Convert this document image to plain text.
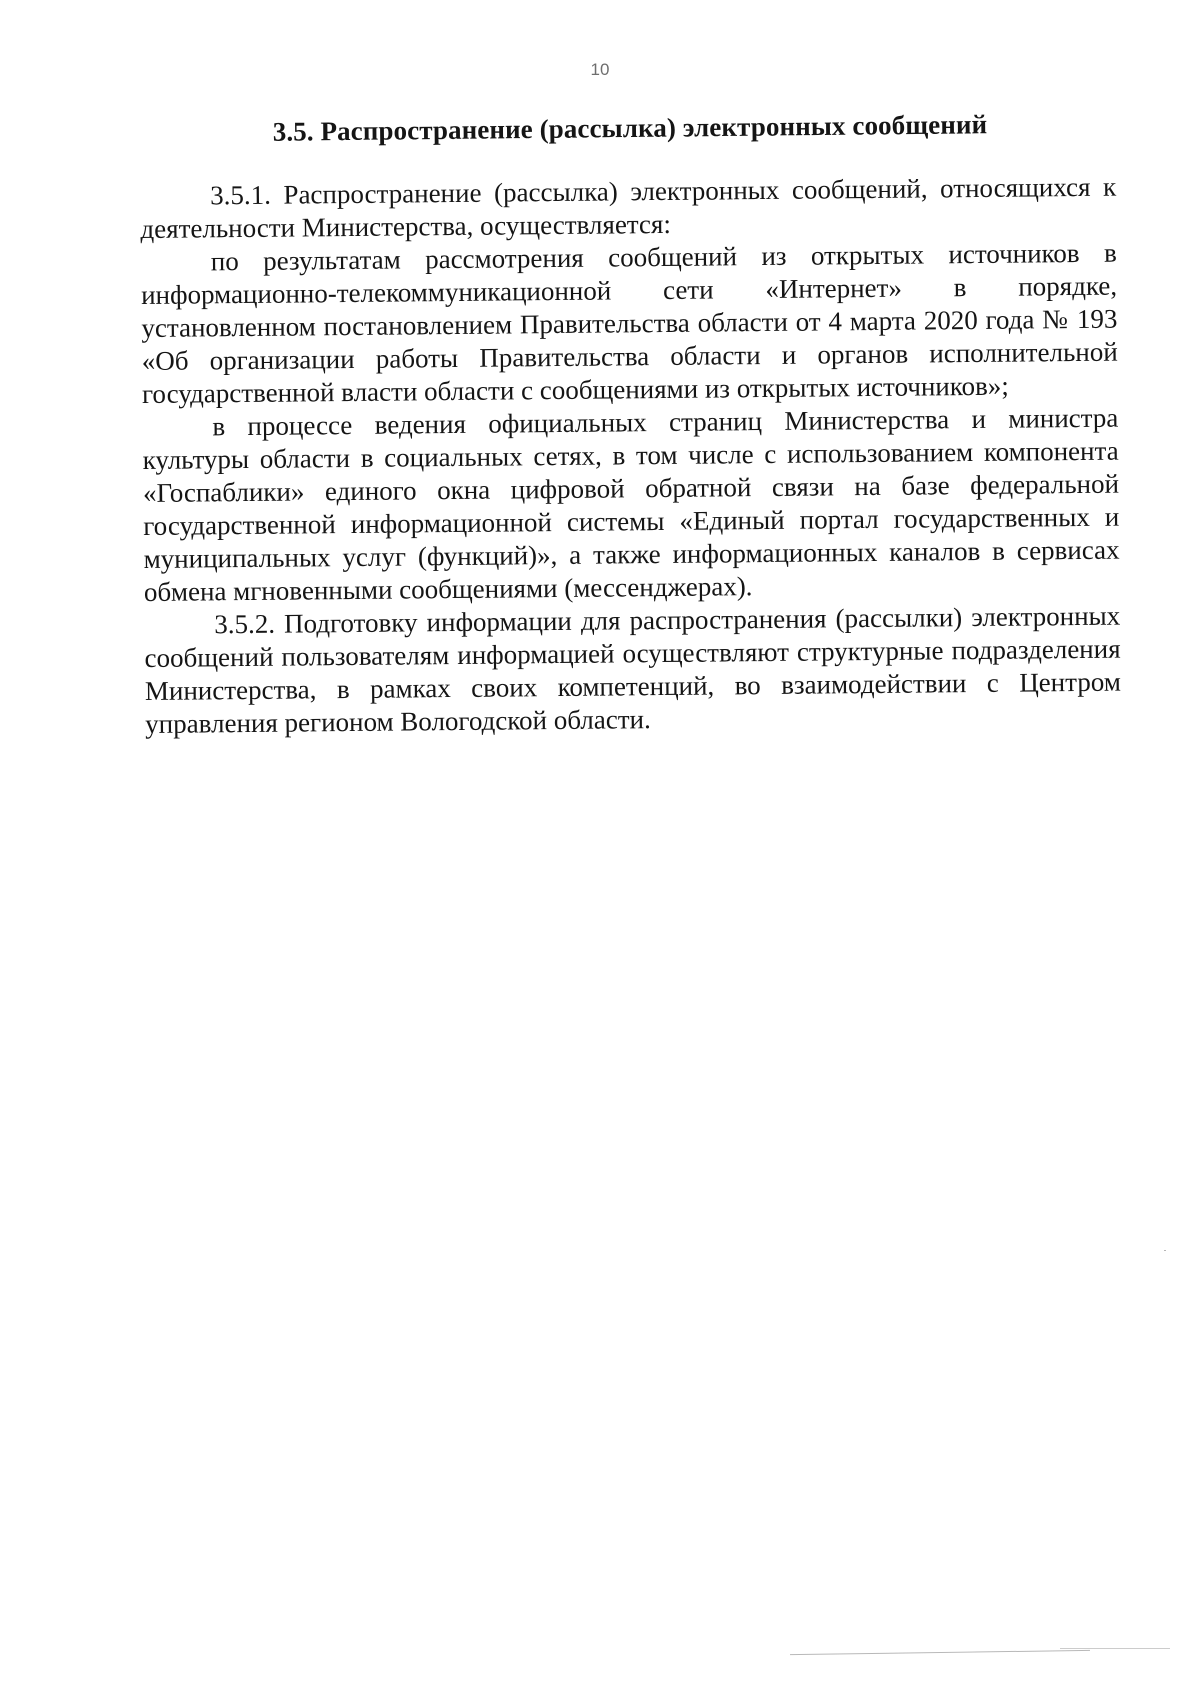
10
3.5. Распространение (рассылка) электронных сообщений

3.5.1. Распространение (рассылка) электронных сообщений, относящихся к деятельности Министерства, осуществляется:

по результатам рассмотрения сообщений из открытых источников в информационно-телекоммуникационной сети «Интернет» в порядке, установленном постановлением Правительства области от 4 марта 2020 года № 193 «Об организации работы Правительства области и органов исполнительной государственной власти области с сообщениями из открытых источников»;

в процессе ведения официальных страниц Министерства и министра культуры области в социальных сетях, в том числе с использованием компонента «Госпаблики» единого окна цифровой обратной связи на базе федеральной государственной информационной системы «Единый портал государственных и муниципальных услуг (функций)», а также информационных каналов в сервисах обмена мгновенными сообщениями (мессенджерах).

3.5.2. Подготовку информации для распространения (рассылки) электронных сообщений пользователям информацией осуществляют структурные подразделения Министерства, в рамках своих компетенций, во взаимодействии с Центром управления регионом Вологодской области.
